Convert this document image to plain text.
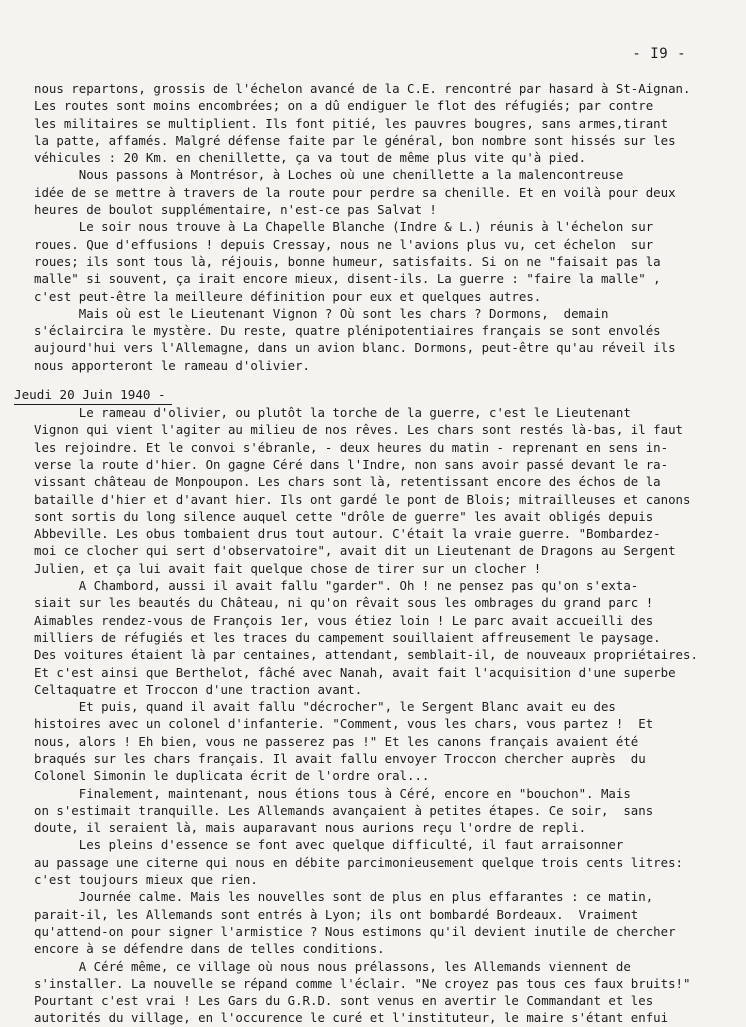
- I9 -
nous repartons, grossis de l'échelon avancé de la C.E. rencontré par hasard à St-Aignan.
Les routes sont moins encombrées; on a dû endiguer le flot des réfugiés; par contre
les militaires se multiplient. Ils font pitié, les pauvres bougres, sans armes,tirant
la patte, affamés. Malgré défense faite par le général, bon nombre sont hissés sur les
véhicules : 20 Km. en chenillette, ça va tout de même plus vite qu'à pied.
Nous passons à Montrésor, à Loches où une chenillette a la malencontreuse
idée de se mettre à travers de la route pour perdre sa chenille. Et en voilà pour deux
heures de boulot supplémentaire, n'est-ce pas Salvat !
Le soir nous trouve à La Chapelle Blanche (Indre & L.) réunis à l'échelon sur
roues. Que d'effusions ! depuis Cressay, nous ne l'avions plus vu, cet échelon  sur
roues; ils sont tous là, réjouis, bonne humeur, satisfaits. Si on ne "faisait pas la
malle" si souvent, ça irait encore mieux, disent-ils. La guerre : "faire la malle" ,
c'est peut-être la meilleure définition pour eux et quelques autres.
Mais où est le Lieutenant Vignon ? Où sont les chars ? Dormons,  demain
s'éclaircira le mystère. Du reste, quatre plénipotentiaires français se sont envolés
aujourd'hui vers l'Allemagne, dans un avion blanc. Dormons, peut-être qu'au réveil ils
nous apporteront le rameau d'olivier.
Jeudi 20 Juin 1940 -
Le rameau d'olivier, ou plutôt la torche de la guerre, c'est le Lieutenant
Vignon qui vient l'agiter au milieu de nos rêves. Les chars sont restés là-bas, il faut
les rejoindre. Et le convoi s'ébranle, - deux heures du matin - reprenant en sens in-
verse la route d'hier. On gagne Céré dans l'Indre, non sans avoir passé devant le ra-
vissant château de Monpoupon. Les chars sont là, retentissant encore des échos de la
bataille d'hier et d'avant hier. Ils ont gardé le pont de Blois; mitrailleuses et canons
sont sortis du long silence auquel cette "drôle de guerre" les avait obligés depuis
Abbeville. Les obus tombaient drus tout autour. C'était la vraie guerre. "Bombardez-
moi ce clocher qui sert d'observatoire", avait dit un Lieutenant de Dragons au Sergent
Julien, et ça lui avait fait quelque chose de tirer sur un clocher !
A Chambord, aussi il avait fallu "garder". Oh ! ne pensez pas qu'on s'exta-
siait sur les beautés du Château, ni qu'on rêvait sous les ombrages du grand parc !
Aimables rendez-vous de François 1er, vous étiez loin ! Le parc avait accueilli des
milliers de réfugiés et les traces du campement souillaient affreusement le paysage.
Des voitures étaient là par centaines, attendant, semblait-il, de nouveaux propriétaires.
Et c'est ainsi que Berthelot, fâché avec Nanah, avait fait l'acquisition d'une superbe
Celtaquatre et Troccon d'une traction avant.
Et puis, quand il avait fallu "décrocher", le Sergent Blanc avait eu des
histoires avec un colonel d'infanterie. "Comment, vous les chars, vous partez !  Et
nous, alors ! Eh bien, vous ne passerez pas !" Et les canons français avaient été
braqués sur les chars français. Il avait fallu envoyer Troccon chercher auprès  du
Colonel Simonin le duplicata écrit de l'ordre oral...
Finalement, maintenant, nous étions tous à Céré, encore en "bouchon". Mais
on s'estimait tranquille. Les Allemands avançaient à petites étapes. Ce soir,  sans
doute, il seraient là, mais auparavant nous aurions reçu l'ordre de repli.
Les pleins d'essence se font avec quelque difficulté, il faut arraisonner
au passage une citerne qui nous en débite parcimonieusement quelque trois cents litres:
c'est toujours mieux que rien.
Journée calme. Mais les nouvelles sont de plus en plus effarantes : ce matin,
parait-il, les Allemands sont entrés à Lyon; ils ont bombardé Bordeaux.  Vraiment
qu'attend-on pour signer l'armistice ? Nous estimons qu'il devient inutile de chercher
encore à se défendre dans de telles conditions.
A Céré même, ce village où nous nous prélassons, les Allemands viennent de
s'installer. La nouvelle se répand comme l'éclair. "Ne croyez pas tous ces faux bruits!"
Pourtant c'est vrai ! Les Gars du G.R.D. sont venus en avertir le Commandant et les
autorités du village, en l'occurence le curé et l'instituteur, le maire s'étant enfui
